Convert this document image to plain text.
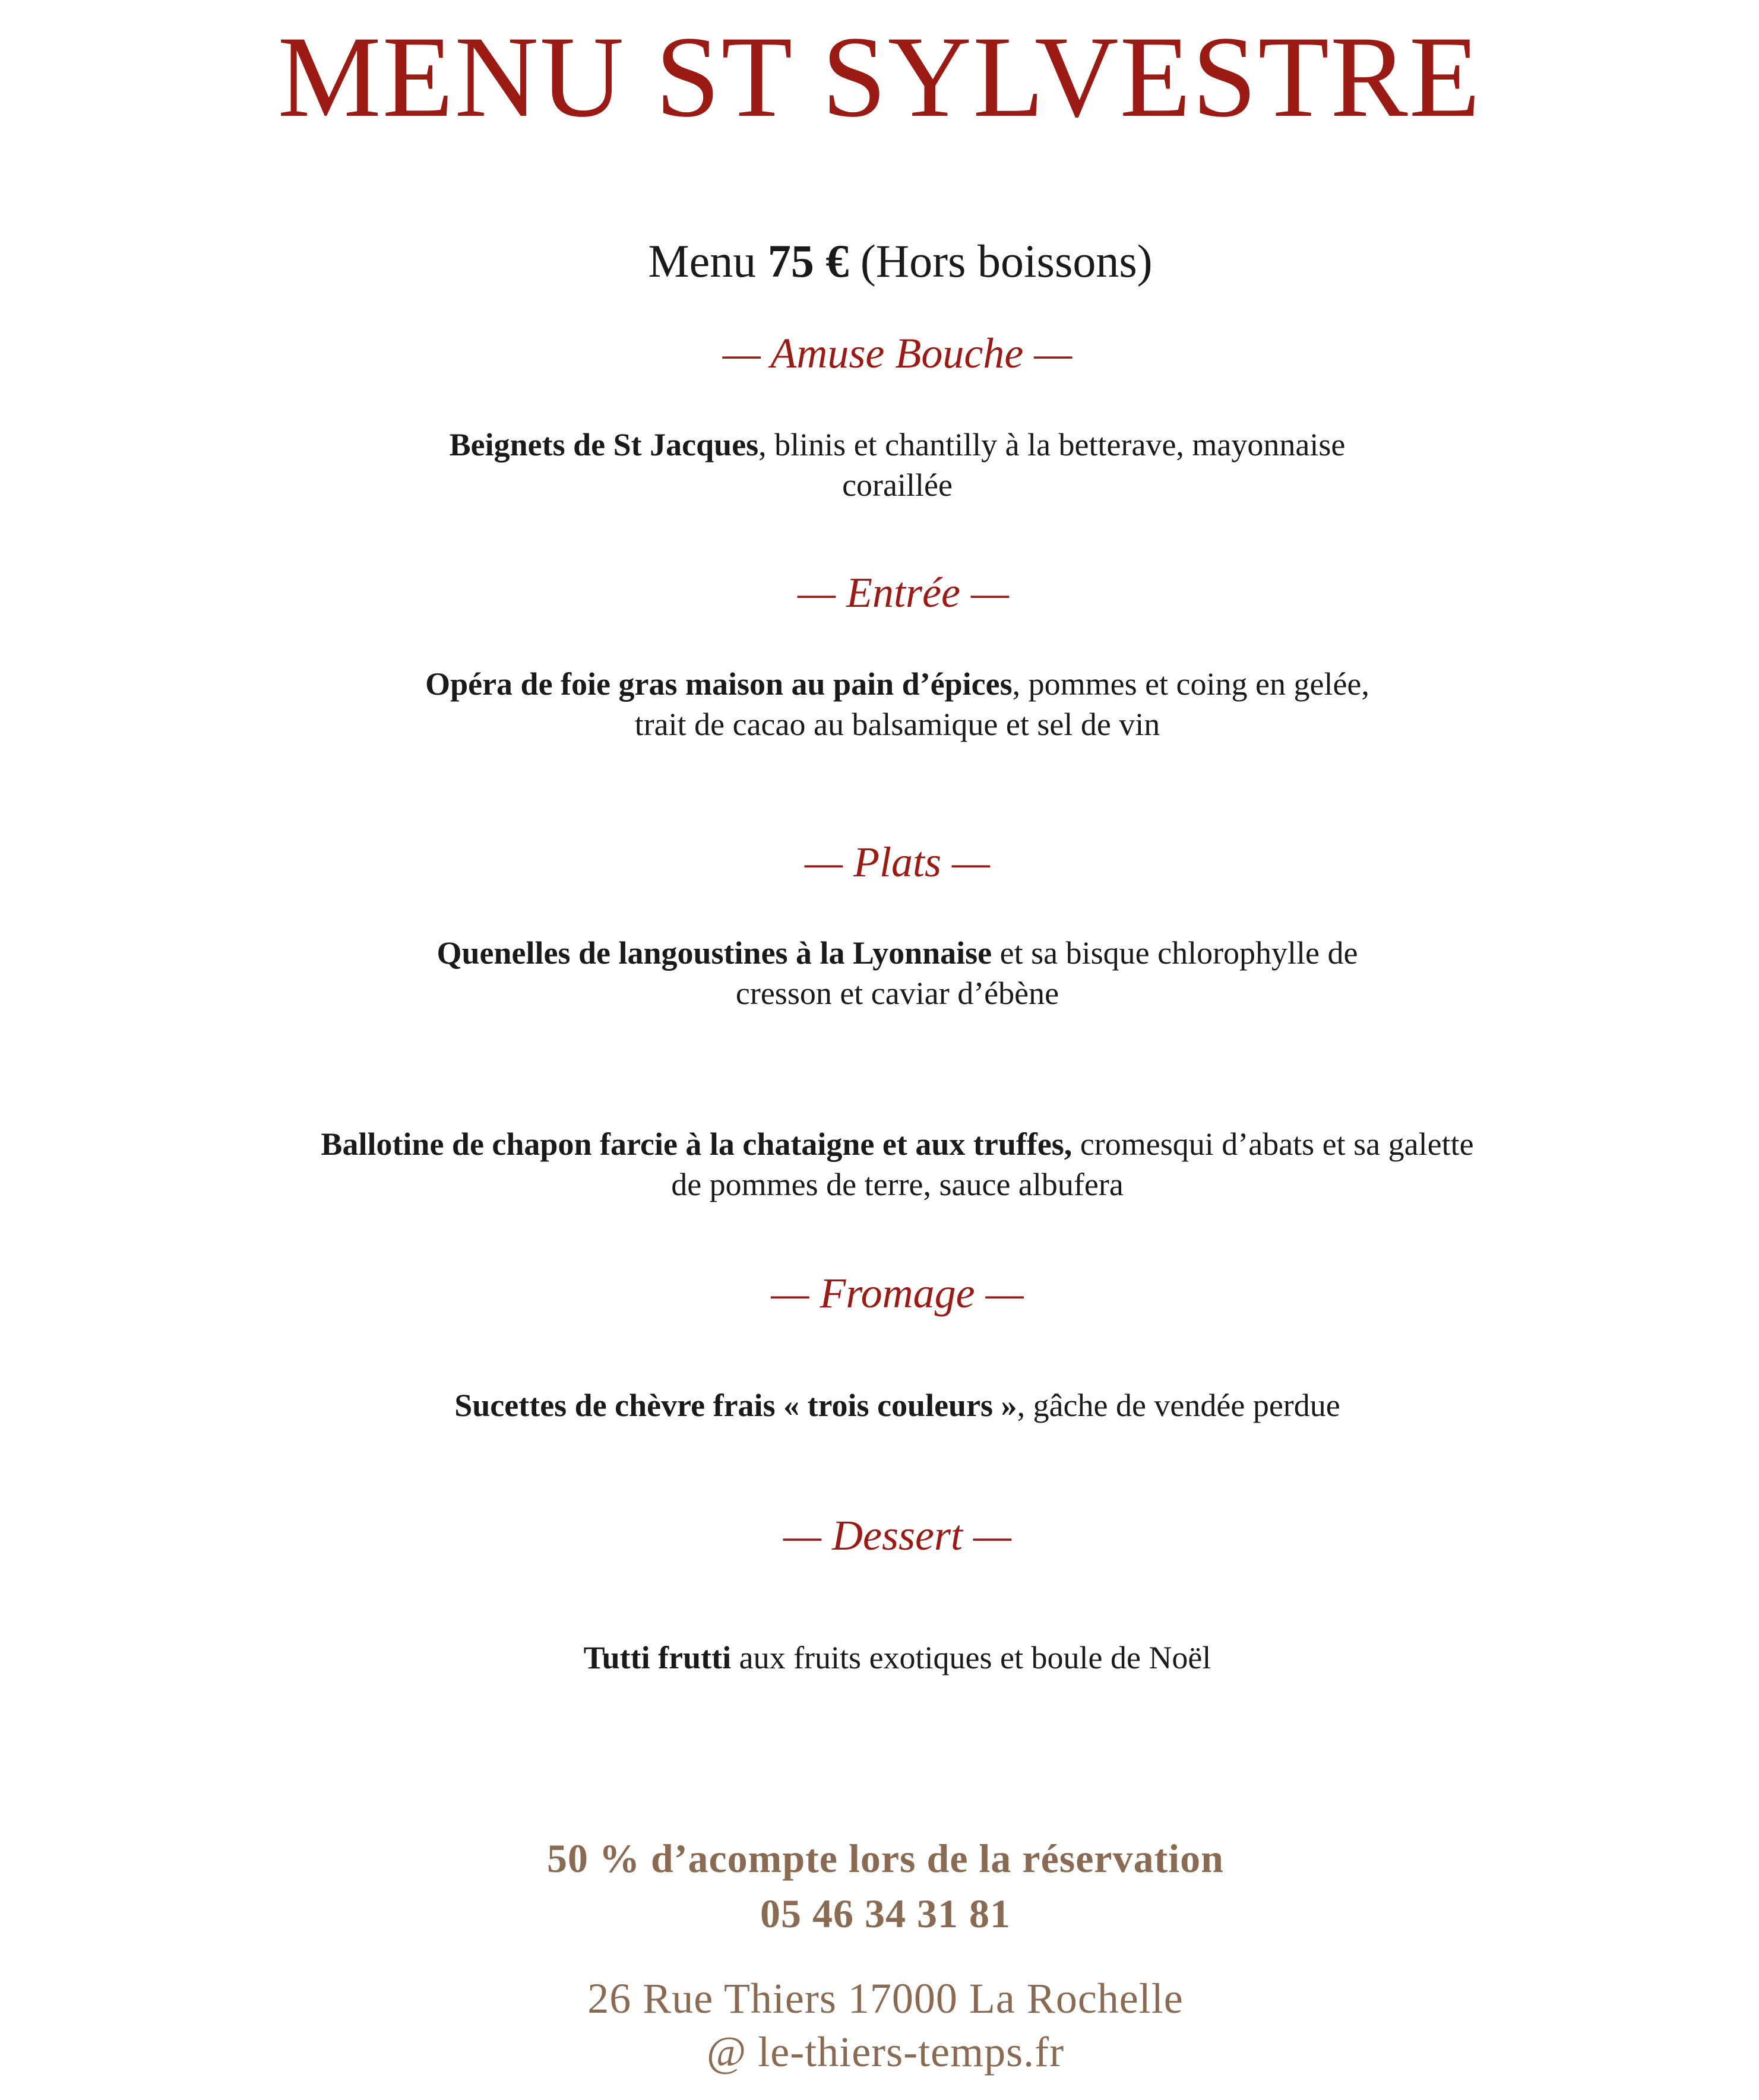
MENU ST SYLVESTRE
Menu 75 € (Hors boissons)
— Amuse Bouche —
Beignets de St Jacques, blinis et chantilly à la betterave, mayonnaise
coraillée
— Entrée —
Opéra de foie gras maison au pain d’épices, pommes et coing en gelée,
trait de cacao au balsamique et sel de vin
— Plats —
Quenelles de langoustines à la Lyonnaise et sa bisque chlorophylle de
cresson et caviar d’ébène
Ballotine de chapon farcie à la chataigne et aux truffes, cromesqui d’abats et sa galette
de pommes de terre, sauce albufera
— Fromage —
Sucettes de chèvre frais « trois couleurs », gâche de vendée perdue
— Dessert —
Tutti frutti aux fruits exotiques et boule de Noël
50 % d’acompte lors de la réservation
05 46 34 31 81
26 Rue Thiers 17000 La Rochelle
@ le-thiers-temps.fr
